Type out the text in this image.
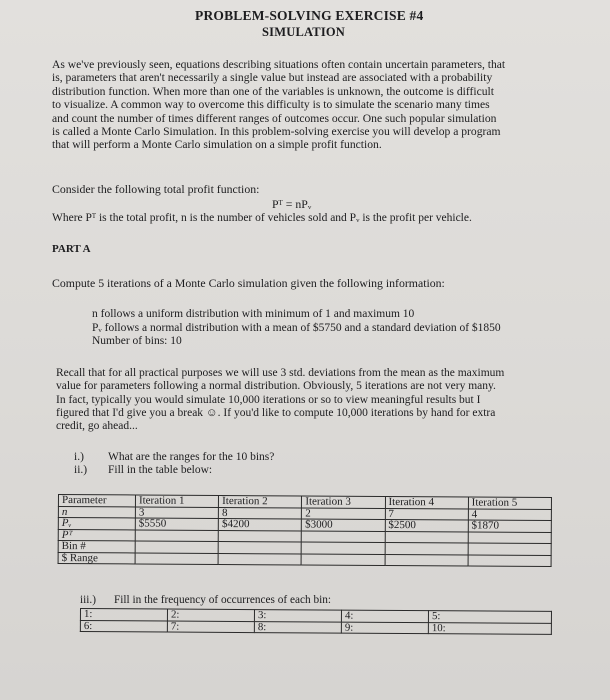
PROBLEM-SOLVING EXERCISE #4
SIMULATION
As we've previously seen, equations describing situations often contain uncertain parameters, that
is, parameters that aren't necessarily a single value but instead are associated with a probability
distribution function. When more than one of the variables is unknown, the outcome is difficult
to visualize. A common way to overcome this difficulty is to simulate the scenario many times
and count the number of times different ranges of outcomes occur. One such popular simulation
is called a Monte Carlo Simulation. In this problem-solving exercise you will develop a program
that will perform a Monte Carlo simulation on a simple profit function.
Consider the following total profit function:
Pᵀ = nPᵥ
Where Pᵀ is the total profit, n is the number of vehicles sold and Pᵥ is the profit per vehicle.
PART A
Compute 5 iterations of a Monte Carlo simulation given the following information:
n follows a uniform distribution with minimum of 1 and maximum 10
Pᵥ follows a normal distribution with a mean of $5750 and a standard deviation of $1850
Number of bins: 10
Recall that for all practical purposes we will use 3 std. deviations from the mean as the maximum
value for parameters following a normal distribution. Obviously, 5 iterations are not very many.
In fact, typically you would simulate 10,000 iterations or so to view meaningful results but I
figured that I'd give you a break ☺. If you'd like to compute 10,000 iterations by hand for extra
credit, go ahead...
i.) What are the ranges for the 10 bins?
ii.) Fill in the table below:
Parameter	Iteration 1	Iteration 2	Iteration 3	Iteration 4	Iteration 5
n	3	8	2	7	4
Pᵥ	$5550	$4200	$3000	$2500	$1870
Pᵀ					
Bin #					
$ Range					
iii.) Fill in the frequency of occurrences of each bin:
1:	2:	3:	4:	5:
6:	7:	8:	9:	10:
